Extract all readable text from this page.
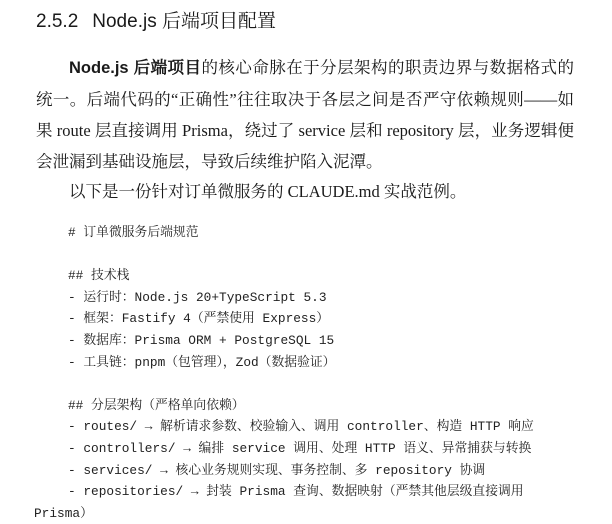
2.5.2 Node.js 后端项目配置

Node.js 后端项目的核心命脉在于分层架构的职责边界与数据格式的统一。后端代码的“正确性”往往取决于各层之间是否严守依赖规则——如果 route 层直接调用 Prisma，绕过了 service 层和 repository 层，业务逻辑便会泄漏到基础设施层，导致后续维护陷入泥潭。

以下是一份针对订单微服务的 CLAUDE.md 实战范例。

# 订单微服务后端规范
## 技术栈
- 运行时：Node.js 20+TypeScript 5.3
- 框架：Fastify 4（严禁使用 Express）
- 数据库：Prisma ORM + PostgreSQL 15
- 工具链：pnpm（包管理），Zod（数据验证）
## 分层架构（严格单向依赖）
- routes/ → 解析请求参数、校验输入、调用 controller、构造 HTTP 响应
- controllers/ → 编排 service 调用、处理 HTTP 语义、异常捕获与转换
- services/ → 核心业务规则实现、事务控制、多 repository 协调
- repositories/ → 封装 Prisma 查询、数据映射（严禁其他层级直接调用
Prisma）
